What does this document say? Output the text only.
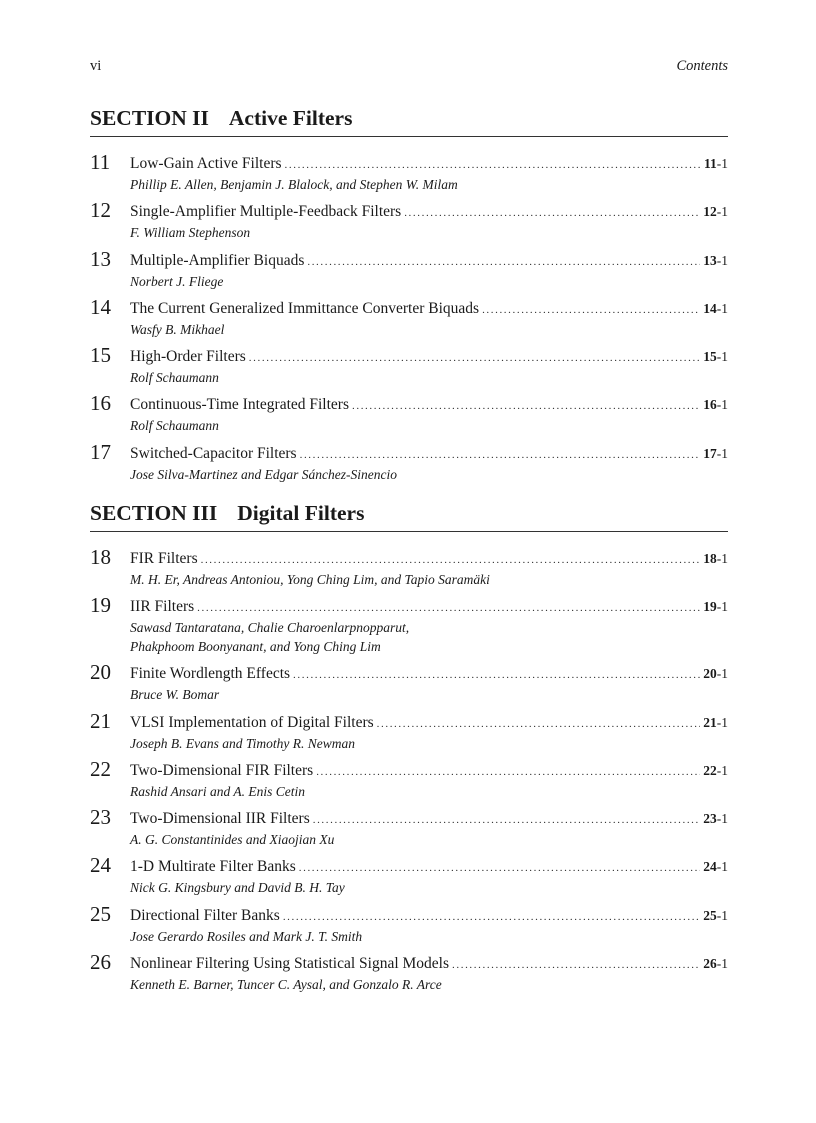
vi	Contents
SECTION II Active Filters
11 Low-Gain Active Filters .....	11-1
Phillip E. Allen, Benjamin J. Blalock, and Stephen W. Milam
12 Single-Amplifier Multiple-Feedback Filters .....	12-1
F. William Stephenson
13 Multiple-Amplifier Biquads .....	13-1
Norbert J. Fliege
14 The Current Generalized Immittance Converter Biquads .....	14-1
Wasfy B. Mikhael
15 High-Order Filters .....	15-1
Rolf Schaumann
16 Continuous-Time Integrated Filters .....	16-1
Rolf Schaumann
17 Switched-Capacitor Filters .....	17-1
Jose Silva-Martinez and Edgar Sánchez-Sinencio
SECTION III Digital Filters
18 FIR Filters .....	18-1
M. H. Er, Andreas Antoniou, Yong Ching Lim, and Tapio Saramäki
19 IIR Filters .....	19-1
Sawasd Tantaratana, Chalie Charoenlarpnopparut,
Phakphoom Boonyanant, and Yong Ching Lim
20 Finite Wordlength Effects .....	20-1
Bruce W. Bomar
21 VLSI Implementation of Digital Filters .....	21-1
Joseph B. Evans and Timothy R. Newman
22 Two-Dimensional FIR Filters .....	22-1
Rashid Ansari and A. Enis Cetin
23 Two-Dimensional IIR Filters .....	23-1
A. G. Constantinides and Xiaojian Xu
24 1-D Multirate Filter Banks .....	24-1
Nick G. Kingsbury and David B. H. Tay
25 Directional Filter Banks .....	25-1
Jose Gerardo Rosiles and Mark J. T. Smith
26 Nonlinear Filtering Using Statistical Signal Models .....	26-1
Kenneth E. Barner, Tuncer C. Aysal, and Gonzalo R. Arce
